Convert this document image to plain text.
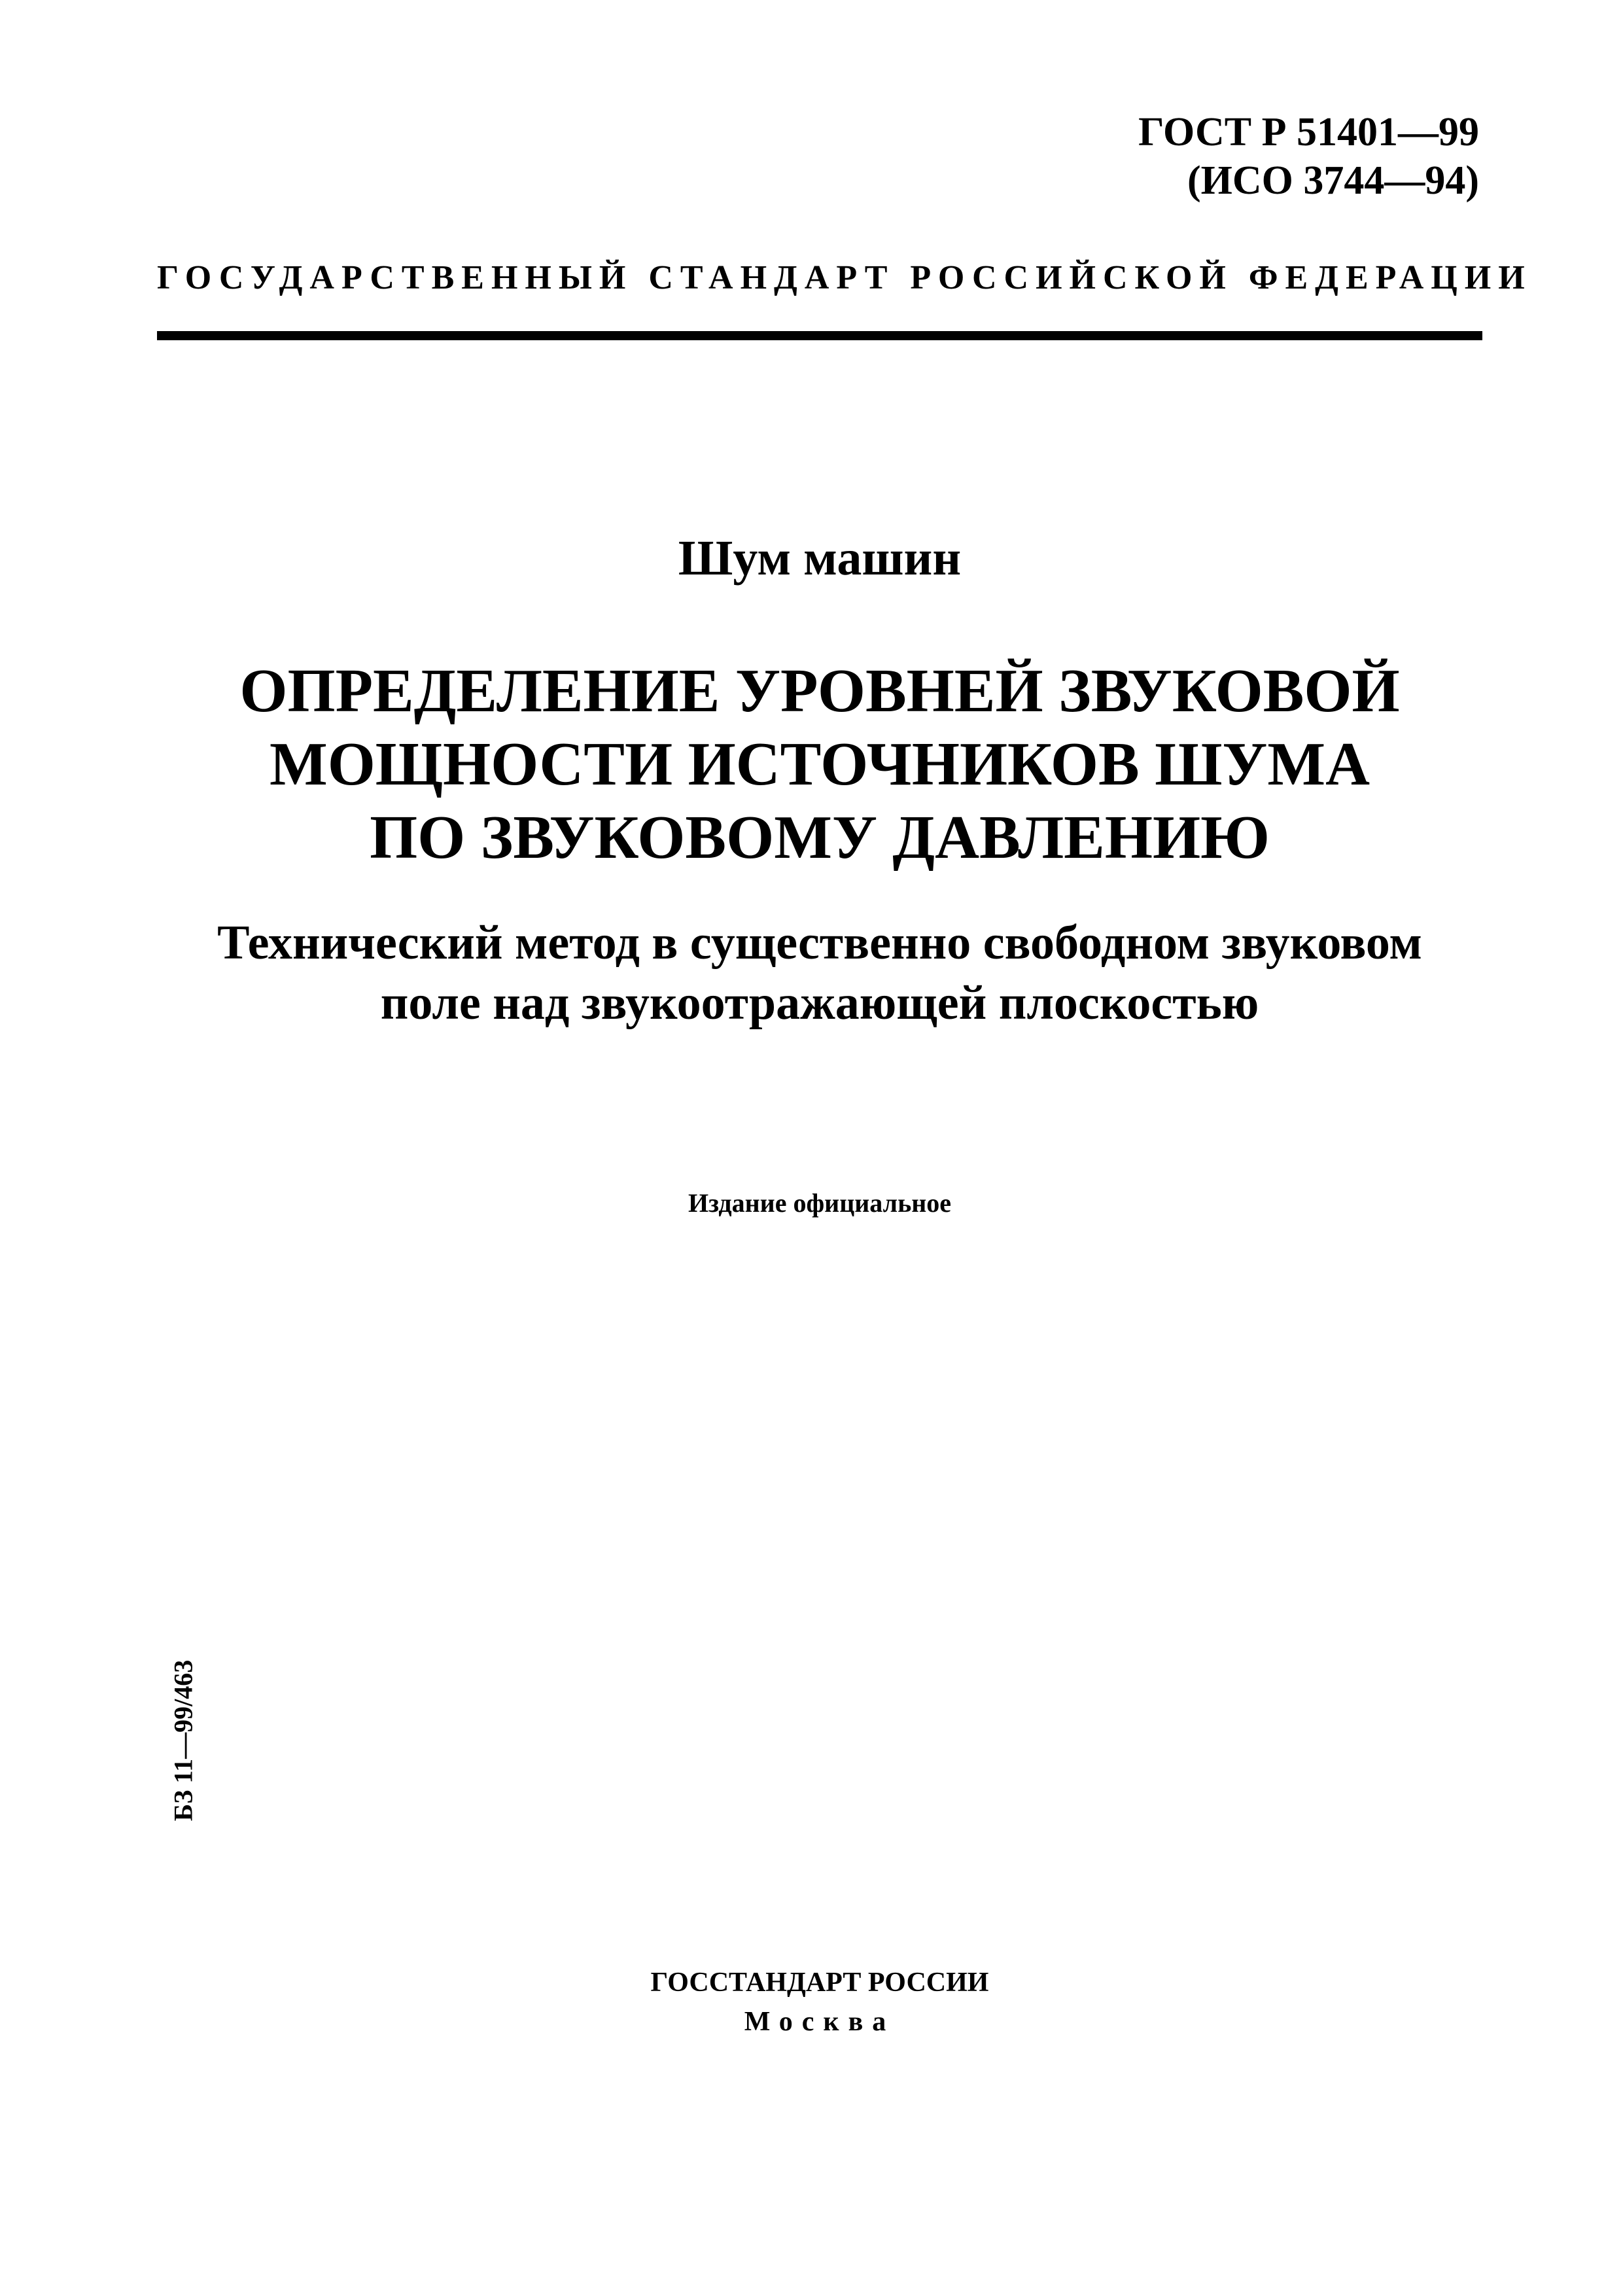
ГОСТ Р 51401—99
(ИСО 3744—94)
ГОСУДАРСТВЕННЫЙ СТАНДАРТ РОССИЙСКОЙ ФЕДЕРАЦИИ
Шум машин
ОПРЕДЕЛЕНИЕ УРОВНЕЙ ЗВУКОВОЙ
МОЩНОСТИ ИСТОЧНИКОВ ШУМА
ПО ЗВУКОВОМУ ДАВЛЕНИЮ
Технический метод в существенно свободном звуковом
поле над звукоотражающей плоскостью
Издание официальное
БЗ 11—99/463
ГОССТАНДАРТ РОССИИ
Москва
